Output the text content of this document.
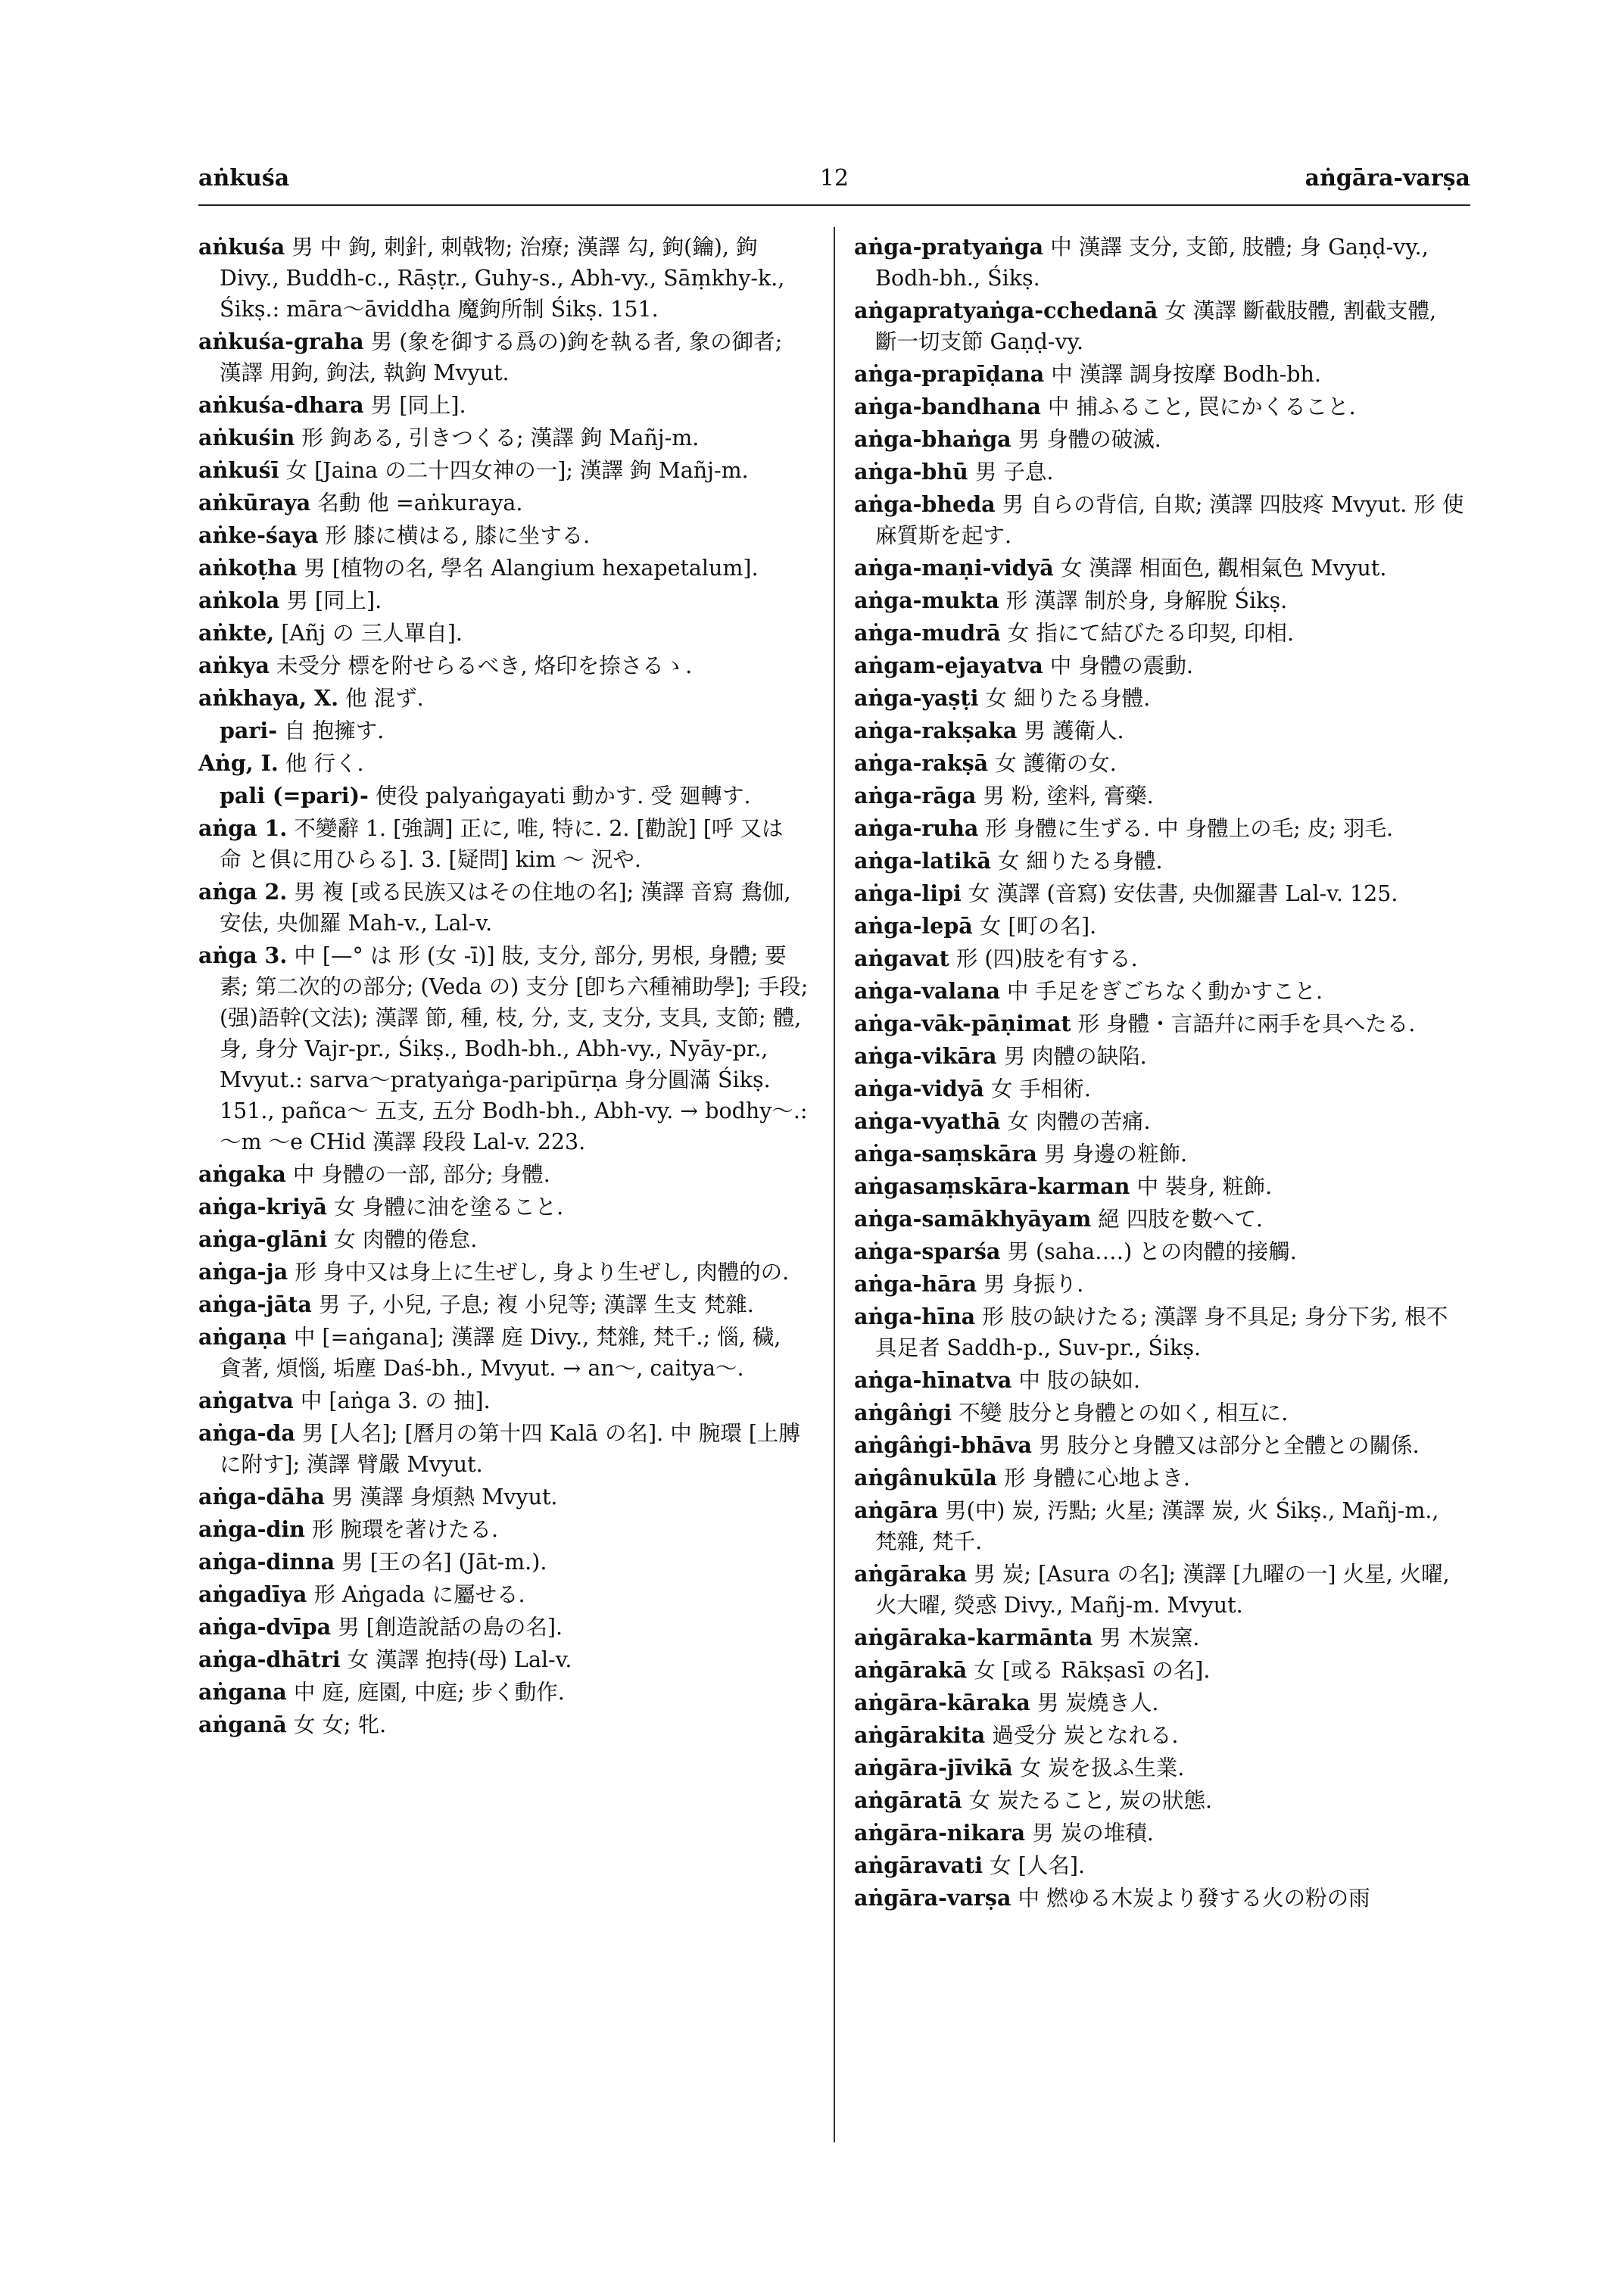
aṅkuśa	12	aṅgāra-varṣa

aṅkuśa 男 中 鉤, 刺針, 刺戟物; 治療; 漢譯 勾, 鉤(鑰), 鉤 Divy., Buddh-c., Rāṣṭr., Guhy-s., Abh-vy., Sāṃkhy-k., Śikṣ.: māra〜āviddha 魔鉤所制 Śikṣ. 151.

aṅkuśa-graha 男 (象を御する爲の)鉤を執る者, 象の御者; 漢譯 用鉤, 鉤法, 執鉤 Mvyut.

aṅkuśa-dhara 男 [同上].

aṅkuśin 形 鉤ある, 引きつくる; 漢譯 鉤 Mañj-m.

aṅkuśī 女 [Jaina の二十四女神の一]; 漢譯 鉤 Mañj-m.

aṅkūraya 名動 他 =aṅkuraya.

aṅke-śaya 形 膝に横はる, 膝に坐する.

aṅkoṭha 男 [植物の名, 學名 Alangium hexapetalum].

aṅkola 男 [同上].

aṅkte, [Añj の 三人單自].

aṅkya 未受分 標を附せらるべき, 烙印を捺さるゝ.

aṅkhaya, X. 他 混ず.

pari- 自 抱擁す.

Aṅg, I. 他 行く.

pali (=pari)- 使役 palyaṅgayati 動かす. 受 廻轉す.

aṅga 1. 不變辭 1. [強調] 正に, 唯, 特に. 2. [勸說] [呼 又は 命 と俱に用ひらる]. 3. [疑問] kim 〜 況や.

aṅga 2. 男 複 [或る民族又はその住地の名]; 漢譯 音寫 鴦伽, 安佉, 央伽羅 Mah-v., Lal-v.

aṅga 3. 中 [—° は 形 (女 -ī)] 肢, 支分, 部分, 男根, 身體; 要素; 第二次的の部分; (Veda の) 支分 [卽ち六種補助學]; 手段; (强)語幹(文法); 漢譯 節, 種, 枝, 分, 支, 支分, 支具, 支節; 體, 身, 身分 Vajr-pr., Śikṣ., Bodh-bh., Abh-vy., Nyāy-pr., Mvyut.: sarva〜pratyaṅga-paripūrṇa 身分圓滿 Śikṣ. 151., pañca〜 五支, 五分 Bodh-bh., Abh-vy. → bodhy〜.: 〜m 〜e CHid 漢譯 段段 Lal-v. 223.

aṅgaka 中 身體の一部, 部分; 身體.

aṅga-kriyā 女 身體に油を塗ること.

aṅga-glāni 女 肉體的倦怠.

aṅga-ja 形 身中又は身上に生ぜし, 身より生ぜし, 肉體的の.

aṅga-jāta 男 子, 小兒, 子息; 複 小兒等; 漢譯 生支 梵雜.

aṅgaṇa 中 [=aṅgana]; 漢譯 庭 Divy., 梵雜, 梵千.; 惱, 穢, 貪著, 煩惱, 垢塵 Daś-bh., Mvyut. → an〜, caitya〜.

aṅgatva 中 [aṅga 3. の 抽].

aṅga-da 男 [人名]; [曆月の第十四 Kalā の名]. 中 腕環 [上膊に附す]; 漢譯 臂嚴 Mvyut.

aṅga-dāha 男 漢譯 身煩熱 Mvyut.

aṅga-din 形 腕環を著けたる.

aṅga-dinna 男 [王の名] (Jāt-m.).

aṅgadīya 形 Aṅgada に屬せる.

aṅga-dvīpa 男 [創造說話の島の名].

aṅga-dhātri 女 漢譯 抱持(母) Lal-v.

aṅgana 中 庭, 庭園, 中庭; 步く動作.

aṅganā 女 女; 牝.

aṅga-pratyaṅga 中 漢譯 支分, 支節, 肢體; 身 Gaṇḍ-vy., Bodh-bh., Śikṣ.

aṅgapratyaṅga-cchedanā 女 漢譯 斷截肢體, 割截支體, 斷一切支節 Gaṇḍ-vy.

aṅga-prapīḍana 中 漢譯 調身按摩 Bodh-bh.

aṅga-bandhana 中 捕ふること, 罠にかくること.

aṅga-bhaṅga 男 身體の破滅.

aṅga-bhū 男 子息.

aṅga-bheda 男 自らの背信, 自欺; 漢譯 四肢疼 Mvyut. 形 使麻質斯を起す.

aṅga-maṇi-vidyā 女 漢譯 相面色, 觀相氣色 Mvyut.

aṅga-mukta 形 漢譯 制於身, 身解脫 Śikṣ.

aṅga-mudrā 女 指にて結びたる印契, 印相.

aṅgam-ejayatva 中 身體の震動.

aṅga-yaṣṭi 女 細りたる身體.

aṅga-rakṣaka 男 護衛人.

aṅga-rakṣā 女 護衛の女.

aṅga-rāga 男 粉, 塗料, 膏藥.

aṅga-ruha 形 身體に生ずる. 中 身體上の毛; 皮; 羽毛.

aṅga-latikā 女 細りたる身體.

aṅga-lipi 女 漢譯 (音寫) 安佉書, 央伽羅書 Lal-v. 125.

aṅga-lepā 女 [町の名].

aṅgavat 形 (四)肢を有する.

aṅga-valana 中 手足をぎごちなく動かすこと.

aṅga-vāk-pāṇimat 形 身體・言語幷に兩手を具へたる.

aṅga-vikāra 男 肉體の缺陷.

aṅga-vidyā 女 手相術.

aṅga-vyathā 女 肉體の苦痛.

aṅga-saṃskāra 男 身邊の粧飾.

aṅgasaṃskāra-karman 中 裝身, 粧飾.

aṅga-samākhyāyam 絕 四肢を數へて.

aṅga-sparśa 男 (saha‥‥) との肉體的接觸.

aṅga-hāra 男 身振り.

aṅga-hīna 形 肢の缺けたる; 漢譯 身不具足; 身分下劣, 根不具足者 Saddh-p., Suv-pr., Śikṣ.

aṅga-hīnatva 中 肢の缺如.

aṅgâṅgi 不變 肢分と身體との如く, 相互に.

aṅgâṅgi-bhāva 男 肢分と身體又は部分と全體との關係.

aṅgânukūla 形 身體に心地よき.

aṅgāra 男(中) 炭, 汚點; 火星; 漢譯 炭, 火 Śikṣ., Mañj-m., 梵雜, 梵千.

aṅgāraka 男 炭; [Asura の名]; 漢譯 [九曜の一] 火星, 火曜, 火大曜, 熒惑 Divy., Mañj-m. Mvyut.

aṅgāraka-karmānta 男 木炭窯.

aṅgārakā 女 [或る Rākṣasī の名].

aṅgāra-kāraka 男 炭燒き人.

aṅgārakita 過受分 炭となれる.

aṅgāra-jīvikā 女 炭を扱ふ生業.

aṅgāratā 女 炭たること, 炭の狀態.

aṅgāra-nikara 男 炭の堆積.

aṅgāravati 女 [人名].

aṅgāra-varṣa 中 燃ゆる木炭より發する火の粉の雨
